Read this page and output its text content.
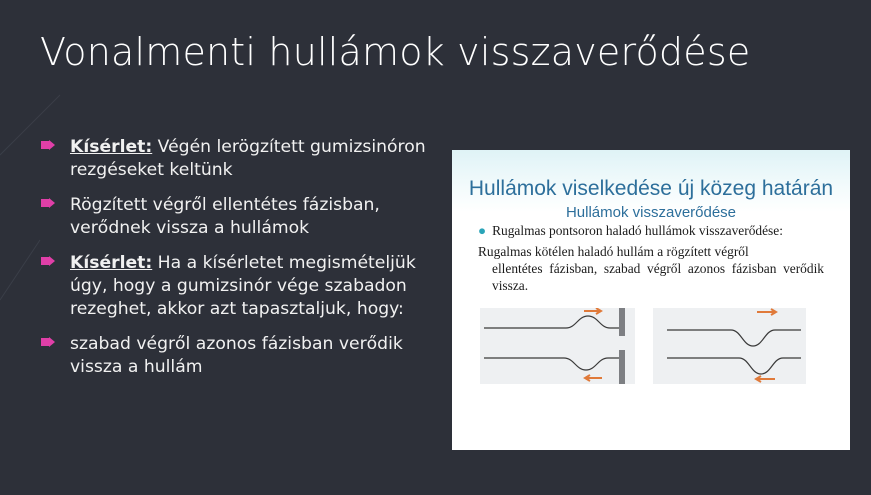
Vonalmenti hullámok visszaverődése
Kísérlet: Végén lerögzített gumizsinóron rezgéseket keltünk
Rögzített végről ellentétes fázisban, verődnek vissza a hullámok
Kísérlet: Ha a kísérletet megismételjük úgy, hogy a gumizsinór vége szabadon rezeghet, akkor azt tapasztaljuk, hogy:
szabad végről azonos fázisban verődik vissza a hullám
Hullámok viselkedése új közeg határán
Hullámok visszaverődése
● Rugalmas pontsoron haladó hullámok visszaverődése:
Rugalmas kötélen haladó hullám a rögzített végről
ellentétes fázisban, szabad végről azonos fázisban verődik vissza.
